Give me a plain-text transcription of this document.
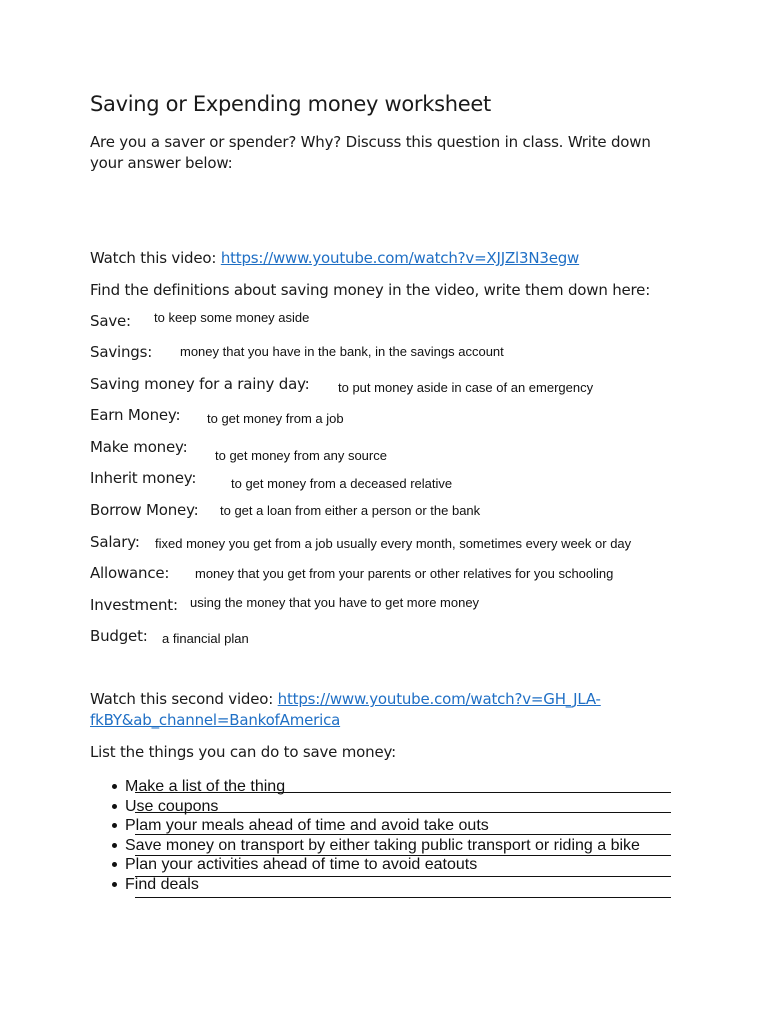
Saving or Expending money worksheet
Are you a saver or spender? Why? Discuss this question in class. Write down your answer below:
Watch this video: https://www.youtube.com/watch?v=XJJZl3N3egw
Find the definitions about saving money in the video, write them down here:
Save: to keep some money aside
Savings: money that you have in the bank, in the savings account
Saving money for a rainy day: to put money aside in case of an emergency
Earn Money: to get money from a job
Make money: to get money from any source
Inherit money:	to get money from a deceased relative
Borrow Money: to get a loan from either a person or the bank
Salary: fixed money you get from a job usually every month, sometimes every week or day
Allowance: money that you get from your parents or other relatives for you schooling
Investment: using the money that you have to get more money
Budget: a financial plan
Watch this second video: https://www.youtube.com/watch?v=GH_JLA-
fkBY&ab_channel=BankofAmerica
List the things you can do to save money:
Make a list of the thing
Use coupons
Plam your meals ahead of time and avoid take outs
Save money on transport by either taking public transport or riding a bike
Plan your activities ahead of time to avoid eatouts
Find deals
